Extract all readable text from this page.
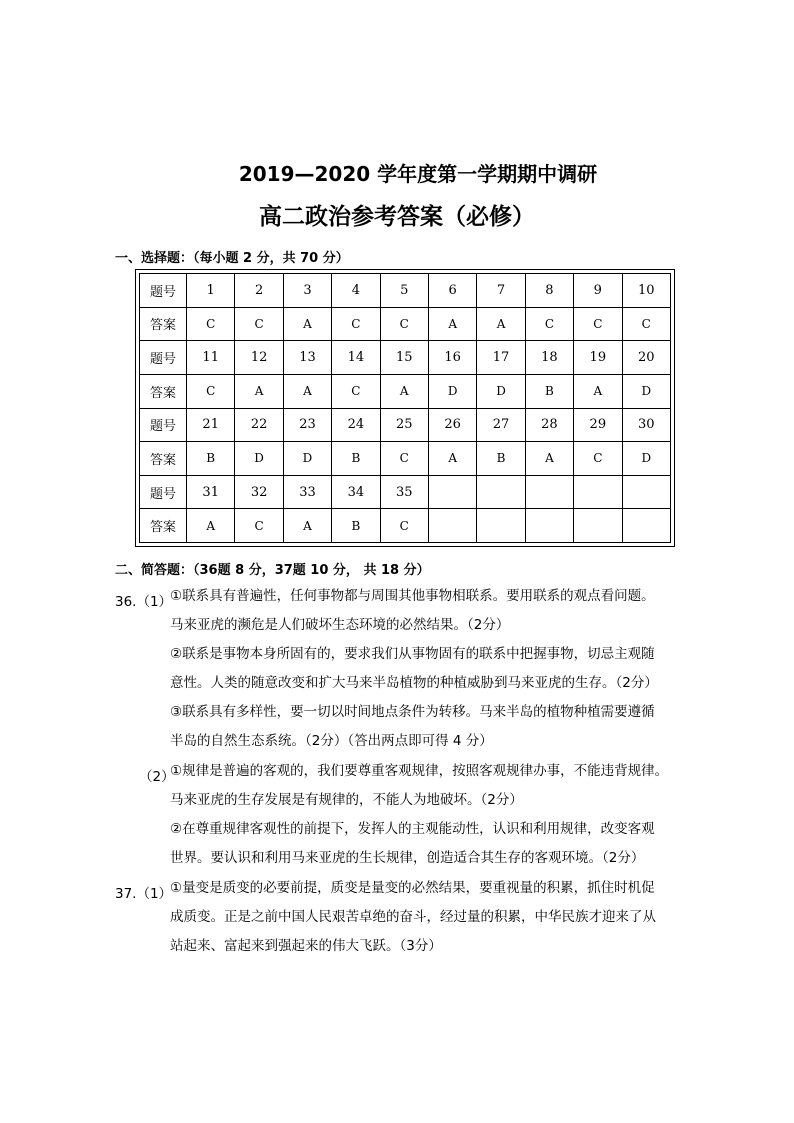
2019—2020 学年度第一学期期中调研
高二政治参考答案（必修）
一、选择题：（每小题 2 分，共 70 分）
题号	1	2	3	4	5	6	7	8	9	10
答案	C	C	A	C	C	A	A	C	C	C
题号	11	12	13	14	15	16	17	18	19	20
答案	C	A	A	C	A	D	D	B	A	D
题号	21	22	23	24	25	26	27	28	29	30
答案	B	D	D	B	C	A	B	A	C	D
题号	31	32	33	34	35					
答案	A	C	A	B	C					
二、简答题：（36题 8 分，37题 10 分， 共 18 分）
36.（1）
①联系具有普遍性，任何事物都与周围其他事物相联系。要用联系的观点看问题。
马来亚虎的濒危是人们破坏生态环境的必然结果。（2分）
②联系是事物本身所固有的，要求我们从事物固有的联系中把握事物，切忌主观随
意性。人类的随意改变和扩大马来半岛植物的种植威胁到马来亚虎的生存。（2分）
③联系具有多样性，要一切以时间地点条件为转移。马来半岛的植物种植需要遵循
半岛的自然生态系统。（2分）（答出两点即可得 4 分）
（2）
①规律是普遍的客观的，我们要尊重客观规律，按照客观规律办事，不能违背规律。
马来亚虎的生存发展是有规律的，不能人为地破坏。（2分）
②在尊重规律客观性的前提下，发挥人的主观能动性，认识和利用规律，改变客观
世界。要认识和利用马来亚虎的生长规律，创造适合其生存的客观环境。（2分）
37.（1）
①量变是质变的必要前提，质变是量变的必然结果，要重视量的积累，抓住时机促
成质变。正是之前中国人民艰苦卓绝的奋斗，经过量的积累，中华民族才迎来了从
站起来、富起来到强起来的伟大飞跃。（3分）
